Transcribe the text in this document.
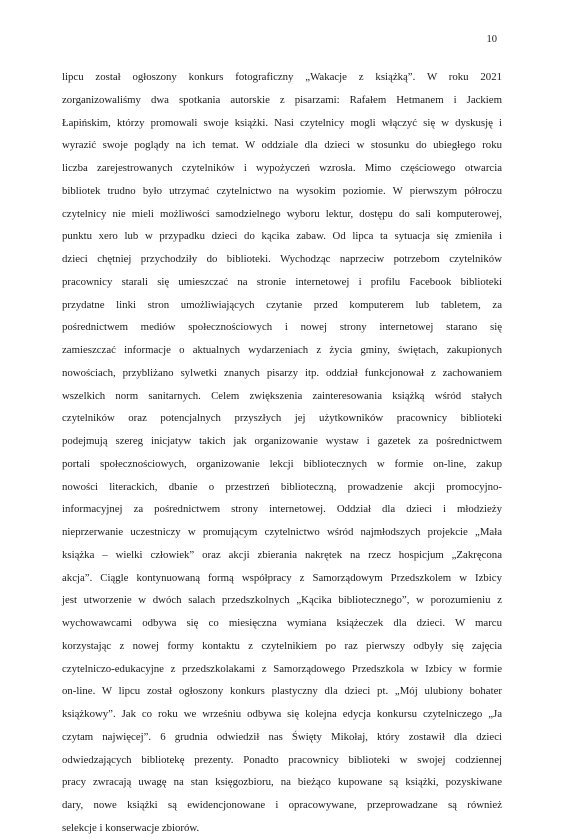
10
lipcu został ogłoszony konkurs fotograficzny „Wakacje z książką”. W roku 2021
zorganizowaliśmy dwa spotkania autorskie z pisarzami: Rafałem Hetmanem i Jackiem
Łapińskim, którzy promowali swoje książki. Nasi czytelnicy mogli włączyć się w dyskusję i
wyrazić swoje poglądy na ich temat. W oddziale dla dzieci w stosunku do ubiegłego roku
liczba zarejestrowanych czytelników i wypożyczeń wzrosła. Mimo częściowego otwarcia
bibliotek trudno było utrzymać czytelnictwo na wysokim poziomie. W pierwszym półroczu
czytelnicy nie mieli możliwości samodzielnego wyboru lektur, dostępu do sali komputerowej,
punktu xero lub w przypadku dzieci do kącika zabaw. Od lipca ta sytuacja się zmieniła i
dzieci chętniej przychodziły do biblioteki. Wychodząc naprzeciw potrzebom czytelników
pracownicy starali się umieszczać na stronie internetowej i profilu Facebook biblioteki
przydatne linki stron umożliwiających czytanie przed komputerem lub tabletem, za
pośrednictwem mediów społecznościowych i nowej strony internetowej starano się
zamieszczać informacje o aktualnych wydarzeniach z życia gminy, świętach, zakupionych
nowościach, przybliżano sylwetki znanych pisarzy itp. oddział funkcjonował z zachowaniem
wszelkich norm sanitarnych. Celem zwiększenia zainteresowania książką wśród stałych
czytelników oraz potencjalnych przyszłych jej użytkowników pracownicy biblioteki
podejmują szereg inicjatyw takich jak organizowanie wystaw i gazetek za pośrednictwem
portali społecznościowych, organizowanie lekcji bibliotecznych w formie on-line, zakup
nowości literackich, dbanie o przestrzeń biblioteczną, prowadzenie akcji promocyjno-
informacyjnej za pośrednictwem strony internetowej. Oddział dla dzieci i młodzieży
nieprzerwanie uczestniczy w promującym czytelnictwo wśród najmłodszych projekcie „Mała
książka – wielki człowiek” oraz akcji zbierania nakrętek na rzecz hospicjum „Zakręcona
akcja”. Ciągle kontynuowaną formą współpracy z Samorządowym Przedszkolem w Izbicy
jest utworzenie w dwóch salach przedszkolnych „Kącika bibliotecznego”, w porozumieniu z
wychowawcami odbywa się co miesięczna wymiana książeczek dla dzieci. W marcu
korzystając z nowej formy kontaktu z czytelnikiem po raz pierwszy odbyły się zajęcia
czytelniczo-edukacyjne z przedszkolakami z Samorządowego Przedszkola w Izbicy w formie
on-line. W lipcu został ogłoszony konkurs plastyczny dla dzieci pt. „Mój ulubiony bohater
książkowy”. Jak co roku we wrześniu odbywa się kolejna edycja konkursu czytelniczego „Ja
czytam najwięcej”. 6 grudnia odwiedził nas Święty Mikołaj, który zostawił dla dzieci
odwiedzających bibliotekę prezenty. Ponadto pracownicy biblioteki w swojej codziennej
pracy zwracają uwagę na stan księgozbioru, na bieżąco kupowane są książki, pozyskiwane
dary, nowe książki są ewidencjonowane i opracowywane, przeprowadzane są również
selekcje i konserwacje zbiorów.
